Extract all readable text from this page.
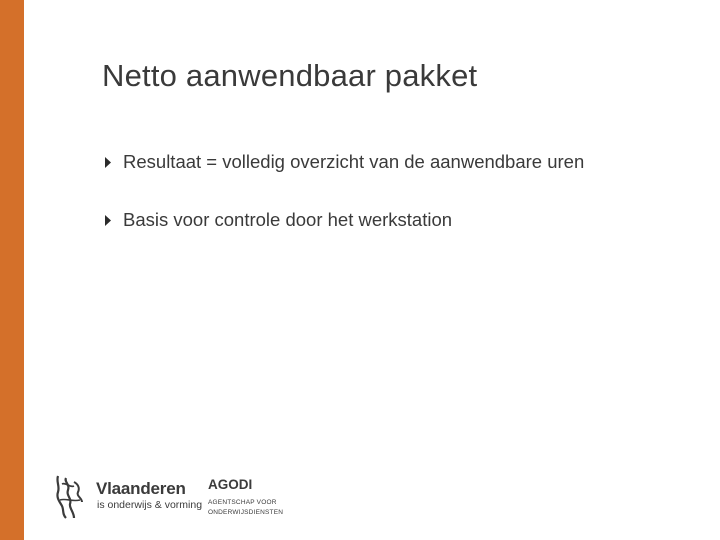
Netto aanwendbaar pakket
Resultaat = volledig overzicht van de aanwendbare uren
Basis voor controle door het werkstation
Vlaanderen
is onderwijs & vorming
AGODI
AGENTSCHAP VOOR
ONDERWIJSDIENSTEN
